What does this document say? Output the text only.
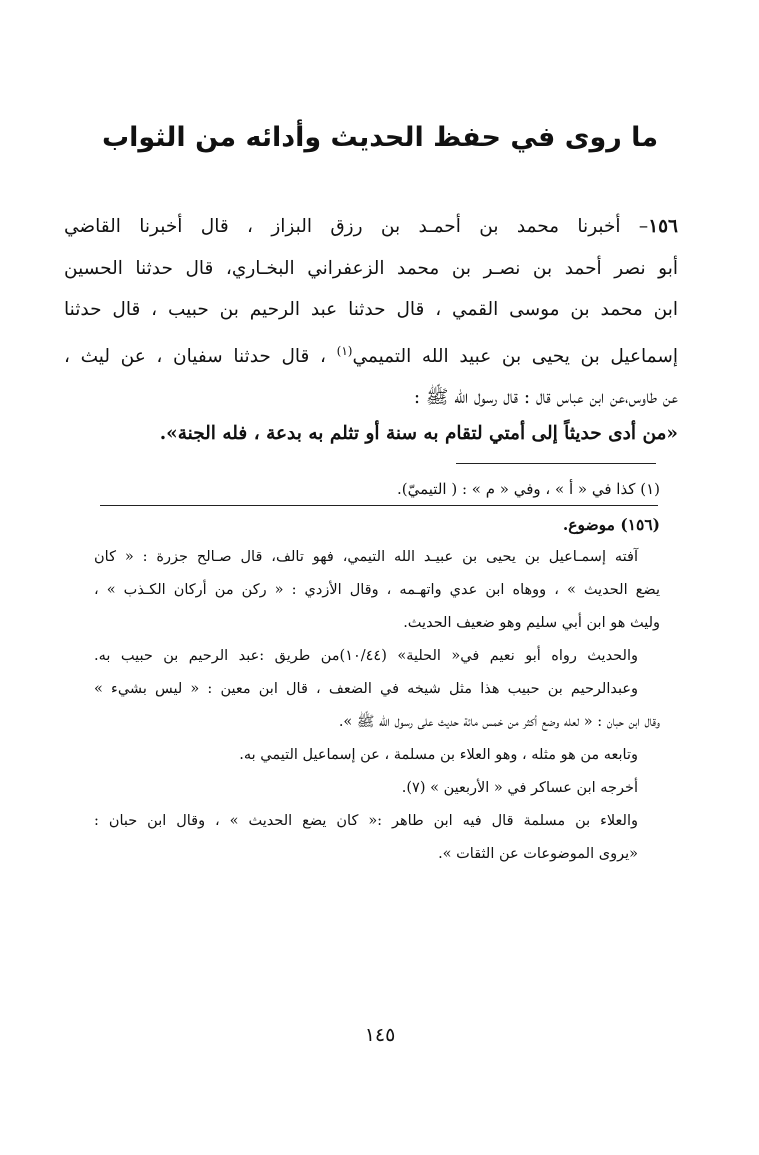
ما روى في حفظ الحديث وأدائه من الثواب
١٥٦– أخبرنا محمد بن أحمـد بن رزق البزاز ، قال أخبرنا القاضي
أبو نصر أحمد بن نصـر بن محمد الزعفراني البخـاري، قال حدثنا الحسين
ابن محمد بن موسى القمي ، قال حدثنا عبد الرحيم بن حبيب ، قال حدثنا
إسماعيل بن يحيى بن عبيد الله التميمي$^{(١)}$ ، قال حدثنا سفيان ، عن ليث ،
عن طاوس،عن ابن عباس قال : قال رسول الله ﷺ :
«من أدى حديثاً إلى أمتي لتقام به سنة أو تثلم به بدعة ، فله الجنة».
(١) كذا في « أ » ، وفي « م » : ( التيميّ).
(١٥٦) موضوع.
آفته إسمـاعيل بن يحيى بن عبيـد الله التيمي، فهو تالف، قال صـالح جزرة : « كان
يضع الحديث » ، ووهاه ابن عدي واتهـمه ، وقال الأزدي : « ركن من أركان الكـذب » ،
وليث هو ابن أبي سليم وهو ضعيف الحديث.
والحديث رواه أبو نعيم في« الحلية» (١٠/٤٤)من طريق :عبد الرحيم بن حبيب به.
وعبدالرحيم بن حبيب هذا مثل شيخه في الضعف ، قال ابن معين : « ليس بشيء »
وقال ابن حبان : « لعله وضع أكثر من خمس مائة حديث على رسول الله ﷺ ».
وتابعه من هو مثله ، وهو العلاء بن مسلمة ، عن إسماعيل التيمي به.
أخرجه ابن عساكر في « الأربعين » (٧).
والعلاء بن مسلمة قال فيه ابن طاهر :« كان يضع الحديث » ، وقال ابن حبان :
«يروى الموضوعات عن الثقات ».
١٤٥
